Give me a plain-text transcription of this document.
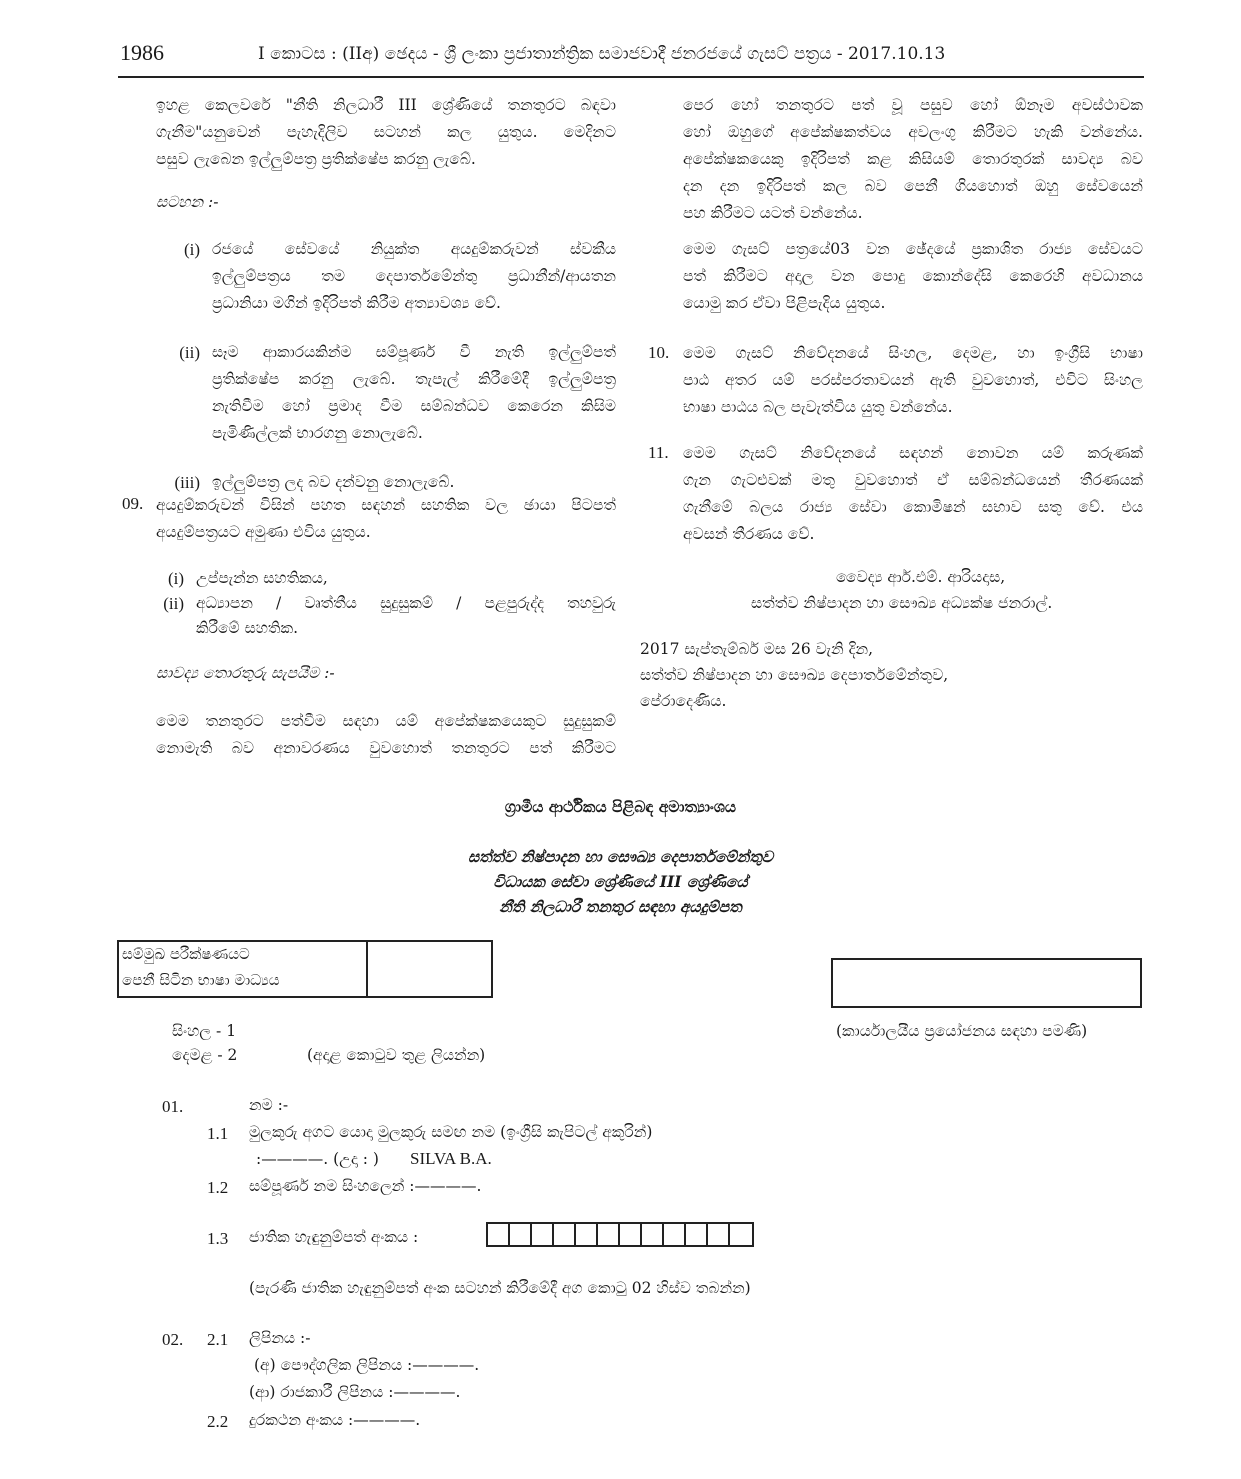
1986	I කොටස : (IIඅ) ඡෙදය - ශ්‍රී ලංකා ප්‍රජාතාන්ත්‍රික සමාජවාදී ජනරජයේ ගැසට් පත්‍රය - 2017.10.13

ඉහළ කෙලවරේ "නීති නිලධාරී III ශ්‍රේණියේ තනතුරට බඳවා

ගැනීම"යනුවෙන් පැහැදිලිව සටහන් කල යුතුය. මෙදිනට

පසුව ලැබෙන ඉල්ලුම්පත්‍ර ප්‍රතික්ෂේප කරනු ලැබේ.

සටහන :-
(i) රජයේ සේවයේ නියුක්ත අයදුම්කරුවන් ස්වකීය

ඉල්ලුම්පත්‍රය තම දෙපාර්තමේන්තු ප්‍රධානීන්/ආයතන

ප්‍රධානියා මගින් ඉදිරිපත් කිරීම අත්‍යාවශ්‍ය වේ.

(ii) සෑම ආකාරයකින්ම සම්පූර්ණ වී නැති ඉල්ලුම්පත්

ප්‍රතික්ෂේප කරනු ලැබේ. තැපැල් කිරීමේදී ඉල්ලුම්පත්‍ර

නැතිවීම හෝ ප්‍රමාද වීම සම්බන්ධව කෙරෙන කිසිම

පැමිණිල්ලක් භාරගනු නොලැබේ.

(iii) ඉල්ලුම්පත්‍ර ලද බව දන්වනු නොලැබේ.

09. අයදුම්කරුවන් විසින් පහත සඳහන් සහතික වල ඡායා පිටපත්

අයදුම්පත්‍රයට අමුණා එවිය යුතුය.

(i) උප්පැන්න සහතිකය,

(ii) අධ්‍යාපන / වෘත්තීය සුදුසුකම් / පළපුරුද්ද තහවුරු

කිරීමේ සහතික.

සාවද්‍ය තොරතුරු සැපයීම :-

මෙම තනතුරට පත්වීම සඳහා යම් අපේක්ෂකයෙකුට සුදුසුකම්

නොමැති බව අනාවරණය වුවහොත් තනතුරට පත් කිරීමට

පෙර හෝ තනතුරට පත් වූ පසුව හෝ ඕනෑම අවස්ථාවක

හෝ ඔහුගේ අපේක්ෂකත්වය අවලංගු කිරීමට හැකි වන්නේය.

අපේක්ෂකයෙකු ඉදිරිපත් කළ කිසියම් තොරතුරක් සාවද්‍ය බව

දන දන ඉදිරිපත් කල බව පෙනී ගියහොත් ඔහු සේවයෙන්

පහ කිරීමට යටත් වන්නේය.

මෙම ගැසට් පත්‍රයේ03 වන ඡේදයේ ප්‍රකාශිත රාජ්‍ය සේවයට

පත් කිරීමට අදාල වන පොදු කොන්දේසි කෙරෙහි අවධානය

යොමු කර ඒවා පිළිපැදිය යුතුය.

10. මෙම ගැසට් නිවේදනයේ සිංහල, දෙමළ, හා ඉංග්‍රීසි භාෂා

පාඨ අතර යම් පරස්පරතාවයන් ඇති වුවහොත්, එවිට සිංහල

භාෂා පාඨය බල පැවැත්විය යුතු වන්නේය.

11. මෙම ගැසට් නිවේදනයේ සඳහන් නොවන යම් කරුණක්

ගැන ගැටළුවක් මතු වුවහොත් ඒ සම්බන්ධයෙන් තීරණයක්

ගැනීමේ බලය රාජ්‍ය සේවා කොමිෂන් සභාව සතු වේ. එය

අවසන් තීරණය වේ.

වෛද්‍ය ආර්.එම්. ආරියදාස,
සත්ත්ව නිෂ්පාදන හා සෞඛ්‍ය අධ්‍යක්ෂ ජනරාල්.
2017 සැප්තැම්බර් මස 26 වැනි දින,
සත්ත්ව නිෂ්පාදන හා සෞඛ්‍ය දෙපාර්තමේන්තුව,
පේරාදෙණිය.
ග්‍රාමීය ආර්ථිකය පිළිබඳ අමාත්‍යාංශය
සත්ත්ව නිෂ්පාදන හා සෞඛ්‍ය දෙපාර්තමේන්තුව
විධායක සේවා ශ්‍රේණියේ III ශ්‍රේණියේ
නීති නිලධාරී තනතුර සඳහා අයදුම්පත
සම්මුඛ පරීක්ෂණයට
පෙනී සිටින භාෂා මාධ්‍යය
සිංහල - 1
දෙමළ - 2	(අදාළ කොටුව තුළ ලියන්න)
(කාර්යාලයීය ප්‍රයෝජනය සඳහා පමණි)
01.	නම :-
1.1 මුලකුරු අගට යොදා මුලකුරු සමඟ නම (ඉංග්‍රීසි කැපිටල් අකුරින්)
:————. (උදා : ) SILVA B.A.
1.2 සම්පූර්ණ නම සිංහලෙන් :————.
1.3 ජාතික හැඳුනුම්පත් අංකය :
(පැරණි ජාතික හැඳුනුම්පත් අංක සටහන් කිරීමේදී අග කොටු 02 හිස්ව තබන්න)
02. 2.1 ලිපිනය :-
(අ) පෞද්ගලික ලිපිනය :————.
(ආ) රාජකාරී ලිපිනය :————.
2.2 දුරකථන අංකය :————.
